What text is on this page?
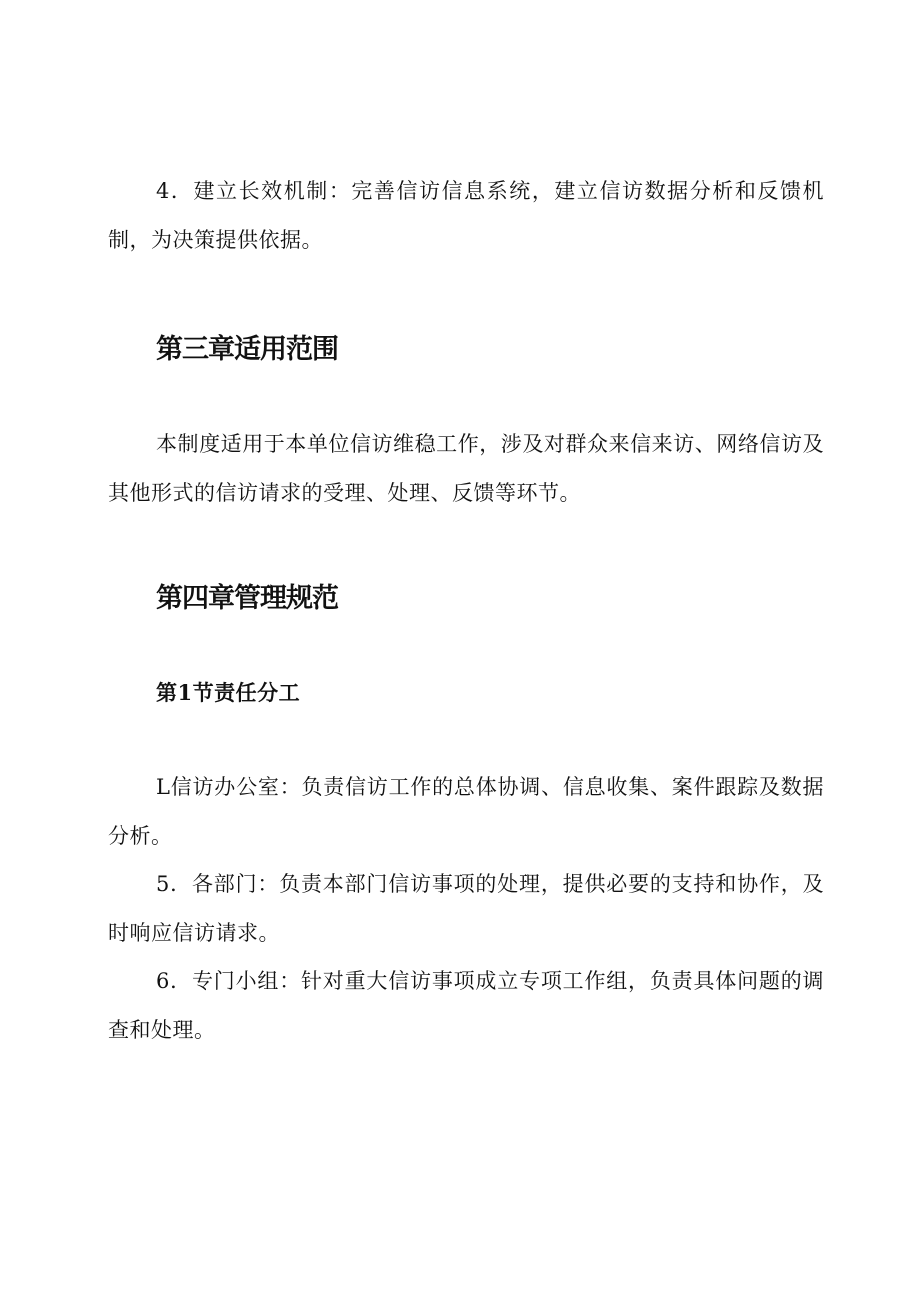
4．建立长效机制：完善信访信息系统，建立信访数据分析和反馈机制，为决策提供依据。

第三章适用范围

本制度适用于本单位信访维稳工作，涉及对群众来信来访、网络信访及其他形式的信访请求的受理、处理、反馈等环节。

第四章管理规范
第1节责任分工

L信访办公室：负责信访工作的总体协调、信息收集、案件跟踪及数据分析。

5．各部门：负责本部门信访事项的处理，提供必要的支持和协作，及时响应信访请求。

6．专门小组：针对重大信访事项成立专项工作组，负责具体问题的调查和处理。
